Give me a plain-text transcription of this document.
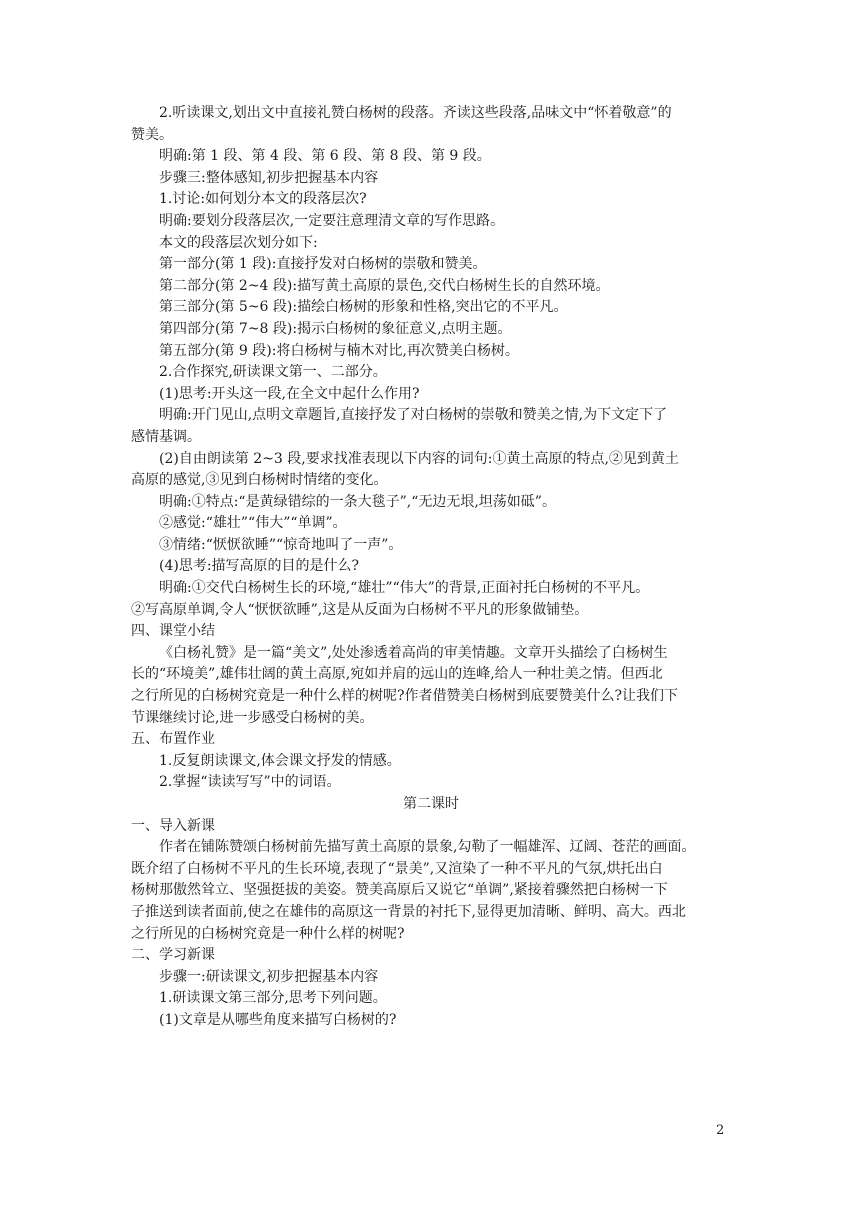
2.听读课文,划出文中直接礼赞白杨树的段落。齐读这些段落,品味文中“怀着敬意”的
赞美。
明确:第 1 段、第 4 段、第 6 段、第 8 段、第 9 段。
步骤三:整体感知,初步把握基本内容
1.讨论:如何划分本文的段落层次?
明确:要划分段落层次,一定要注意理清文章的写作思路。
本文的段落层次划分如下:
第一部分(第 1 段):直接抒发对白杨树的崇敬和赞美。
第二部分(第 2~4 段):描写黄土高原的景色,交代白杨树生长的自然环境。
第三部分(第 5~6 段):描绘白杨树的形象和性格,突出它的不平凡。
第四部分(第 7~8 段):揭示白杨树的象征意义,点明主题。
第五部分(第 9 段):将白杨树与楠木对比,再次赞美白杨树。
2.合作探究,研读课文第一、二部分。
(1)思考:开头这一段,在全文中起什么作用?
明确:开门见山,点明文章题旨,直接抒发了对白杨树的崇敬和赞美之情,为下文定下了
感情基调。
(2)自由朗读第 2~3 段,要求找准表现以下内容的词句:①黄土高原的特点,②见到黄土
高原的感觉,③见到白杨树时情绪的变化。
明确:①特点:“是黄绿错综的一条大毯子”,“无边无垠,坦荡如砥”。
②感觉:“雄壮”“伟大”“单调”。
③情绪:“恹恹欲睡”“惊奇地叫了一声”。
(4)思考:描写高原的目的是什么?
明确:①交代白杨树生长的环境,“雄壮”“伟大”的背景,正面衬托白杨树的不平凡。
②写高原单调,令人“恹恹欲睡”,这是从反面为白杨树不平凡的形象做铺垫。
四、课堂小结
《白杨礼赞》是一篇“美文”,处处渗透着高尚的审美情趣。文章开头描绘了白杨树生
长的“环境美”,雄伟壮阔的黄土高原,宛如并肩的远山的连峰,给人一种壮美之情。但西北
之行所见的白杨树究竟是一种什么样的树呢?作者借赞美白杨树到底要赞美什么?让我们下
节课继续讨论,进一步感受白杨树的美。
五、布置作业
1.反复朗读课文,体会课文抒发的情感。
2.掌握“读读写写”中的词语。
第二课时
一、导入新课
作者在铺陈赞颂白杨树前先描写黄土高原的景象,勾勒了一幅雄浑、辽阔、苍茫的画面。
既介绍了白杨树不平凡的生长环境,表现了“景美”,又渲染了一种不平凡的气氛,烘托出白
杨树那傲然耸立、坚强挺拔的美姿。赞美高原后又说它“单调”,紧接着骤然把白杨树一下
子推送到读者面前,使之在雄伟的高原这一背景的衬托下,显得更加清晰、鲜明、高大。西北
之行所见的白杨树究竟是一种什么样的树呢?
二、学习新课
步骤一:研读课文,初步把握基本内容
1.研读课文第三部分,思考下列问题。
(1)文章是从哪些角度来描写白杨树的?
2
